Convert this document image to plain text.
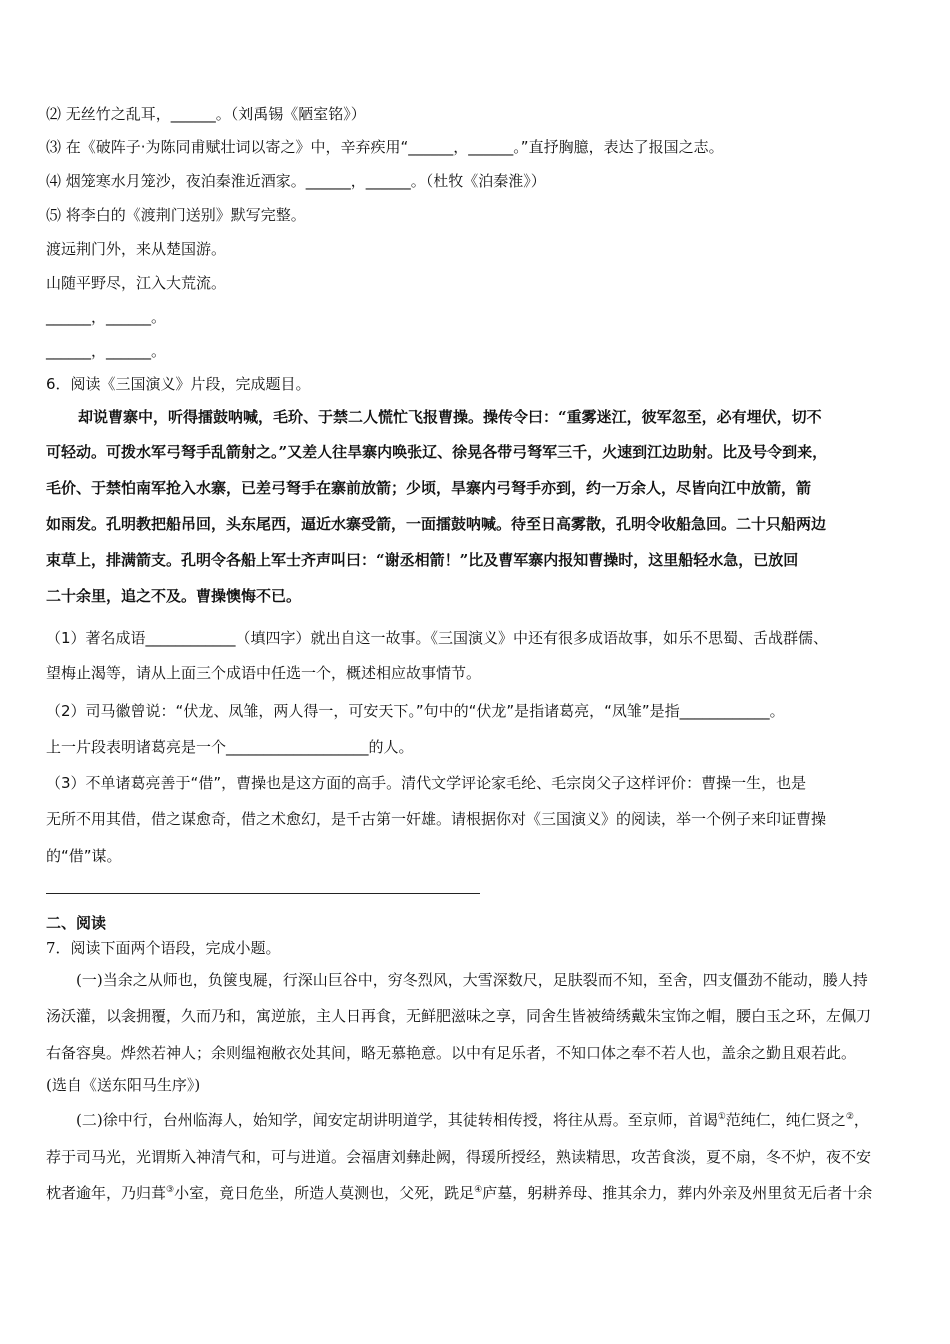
⑵ 无丝竹之乱耳，______。（刘禹锡《陋室铭》）
⑶ 在《破阵子·为陈同甫赋壮词以寄之》中，辛弃疾用“______，______。”直抒胸臆，表达了报国之志。
⑷ 烟笼寒水月笼沙，夜泊秦淮近酒家。______，______。（杜牧《泊秦淮》）
⑸ 将李白的《渡荆门送别》默写完整。
渡远荆门外，来从楚国游。
山随平野尽，江入大荒流。
______，______。
______，______。
6．阅读《三国演义》片段，完成题目。
却说曹寨中，听得擂鼓呐喊，毛玠、于禁二人慌忙飞报曹操。操传令曰：“重雾迷江，彼军忽至，必有埋伏，切不
可轻动。可拨水军弓弩手乱箭射之。”又差人往旱寨内唤张辽、徐晃各带弓弩军三千，火速到江边助射。比及号令到来，
毛价、于禁怕南军抢入水寨，已差弓弩手在寨前放箭；少顷，旱寨内弓弩手亦到，约一万余人，尽皆向江中放箭，箭
如雨发。孔明教把船吊回，头东尾西，逼近水寨受箭，一面擂鼓呐喊。待至日高雾散，孔明令收船急回。二十只船两边
束草上，排满箭支。孔明令各船上军士齐声叫曰：“谢丞相箭！”比及曹军寨内报知曹操时，这里船轻水急，已放回
二十余里，追之不及。曹操懊悔不已。
（1）著名成语____________（填四字）就出自这一故事。《三国演义》中还有很多成语故事，如乐不思蜀、舌战群儒、
望梅止渴等，请从上面三个成语中任选一个，概述相应故事情节。
（2）司马徽曾说：“伏龙、凤雏，两人得一，可安天下。”句中的“伏龙”是指诸葛亮，“凤雏”是指____________。
上一片段表明诸葛亮是一个___________________的人。
（3）不单诸葛亮善于“借”，曹操也是这方面的高手。清代文学评论家毛纶、毛宗岗父子这样评价：曹操一生，也是
无所不用其借，借之谋愈奇，借之术愈幻，是千古第一奸雄。请根据你对《三国演义》的阅读，举一个例子来印证曹操
的“借”谋。
二、阅读
7．阅读下面两个语段，完成小题。
(一)当余之从师也，负箧曳屣，行深山巨谷中，穷冬烈风，大雪深数尺，足肤裂而不知，至舍，四支僵劲不能动，媵人持
汤沃灌，以衾拥覆，久而乃和，寓逆旅，主人日再食，无鲜肥滋味之享，同舍生皆被绮绣戴朱宝饰之帽，腰白玉之环，左佩刀
右备容臭。烨然若神人；余则缊袍敝衣处其间，略无慕艳意。以中有足乐者，不知口体之奉不若人也，盖余之勤且艰若此。
(选自《送东阳马生序》)
(二)徐中行，台州临海人，始知学，闻安定胡讲明道学，其徒转相传授，将往从焉。至京师，首谒①范纯仁，纯仁贤之②，
荐于司马光，光谓斯入神清气和，可与进道。会福唐刘彝赴阙，得瑗所授经，熟读精思，攻苦食淡，夏不扇，冬不炉，夜不安
枕者逾年，乃归葺③小室，竟日危坐，所造人莫测也，父死，跣足④庐墓，躬耕养母、推其余力，葬内外亲及州里贫无后者十余
